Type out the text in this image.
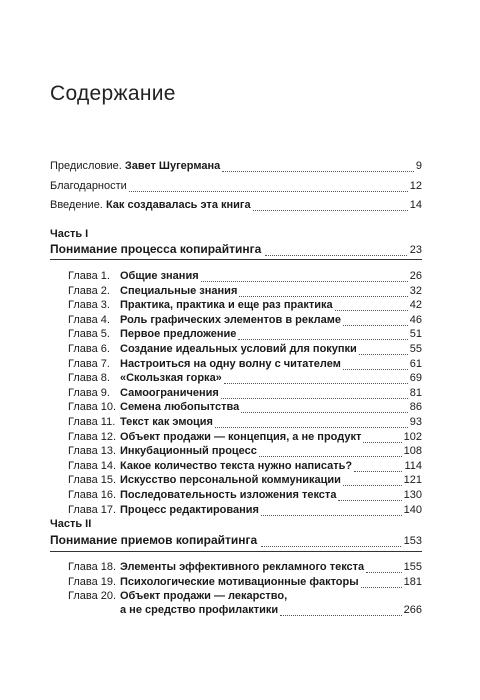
Содержание
Предисловие. Завет Шугермана	9
Благодарности	12
Введение. Как создавалась эта книга	14
Часть I
Понимание процесса копирайтинга	23
Глава 1. Общие знания	26
Глава 2. Специальные знания	32
Глава 3. Практика, практика и еще раз практика	42
Глава 4. Роль графических элементов в рекламе	46
Глава 5. Первое предложение	51
Глава 6. Создание идеальных условий для покупки	55
Глава 7. Настроиться на одну волну с читателем	61
Глава 8. «Скользкая горка»	69
Глава 9. Самоограничения	81
Глава 10. Семена любопытства	86
Глава 11. Текст как эмоция	93
Глава 12. Объект продажи — концепция, а не продукт	102
Глава 13. Инкубационный процесс	108
Глава 14. Какое количество текста нужно написать?	114
Глава 15. Искусство персональной коммуникации	121
Глава 16. Последовательность изложения текста	130
Глава 17. Процесс редактирования	140
Часть II
Понимание приемов копирайтинга	153
Глава 18. Элементы эффективного рекламного текста	155
Глава 19. Психологические мотивационные факторы	181
Глава 20. Объект продажи — лекарство,
а не средство профилактики	266
